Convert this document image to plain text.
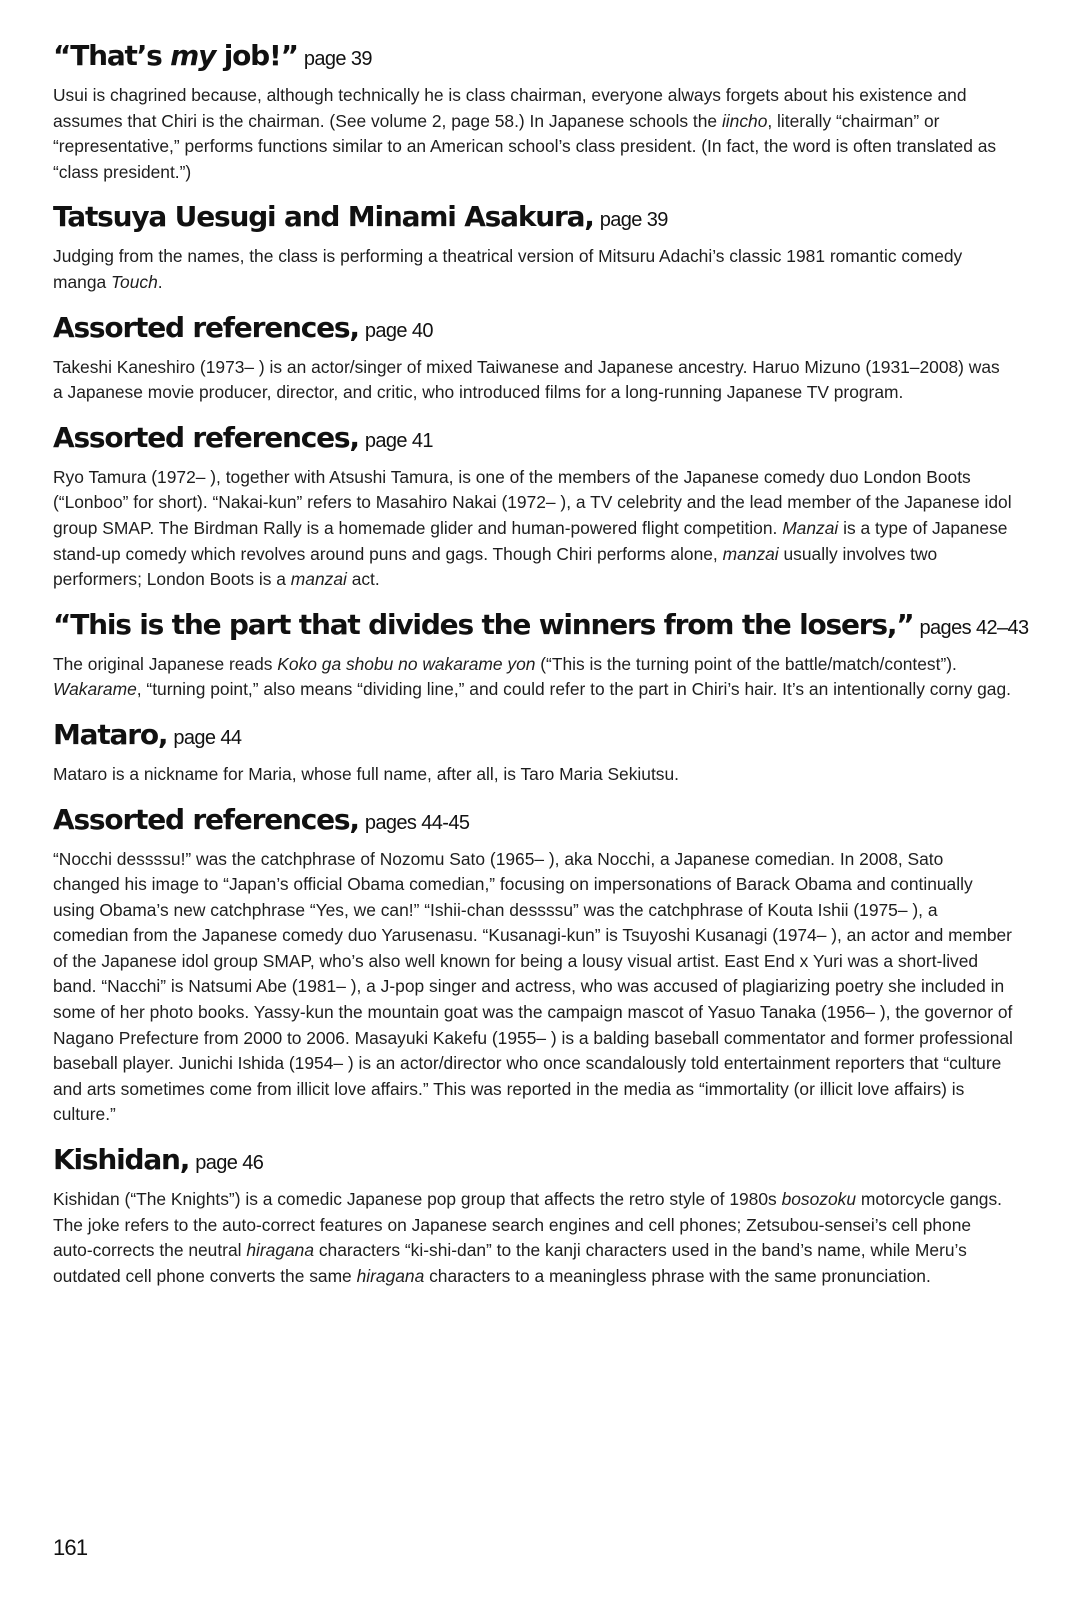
“That’s my job!” page 39

Usui is chagrined because, although technically he is class chairman, everyone always forgets about his existence and assumes that Chiri is the chairman. (See volume 2, page 58.) In Japanese schools the iincho, literally “chairman” or “representative,” performs functions similar to an American school’s class president. (In fact, the word is often translated as “class president.”)

Tatsuya Uesugi and Minami Asakura, page 39

Judging from the names, the class is performing a theatrical version of Mitsuru Adachi’s classic 1981 romantic comedy manga Touch.

Assorted references, page 40

Takeshi Kaneshiro (1973– ) is an actor/singer of mixed Taiwanese and Japanese ancestry. Haruo Mizuno (1931–2008) was a Japanese movie producer, director, and critic, who introduced films for a long-running Japanese TV program.

Assorted references, page 41

Ryo Tamura (1972– ), together with Atsushi Tamura, is one of the members of the Japanese comedy duo London Boots (“Lonboo” for short). “Nakai-kun” refers to Masahiro Nakai (1972– ), a TV celebrity and the lead member of the Japanese idol group SMAP. The Birdman Rally is a homemade glider and human-powered flight competition. Manzai is a type of Japanese stand-up comedy which revolves around puns and gags. Though Chiri performs alone, manzai usually involves two performers; London Boots is a manzai act.

“This is the part that divides the winners from the losers,” pages 42–43

The original Japanese reads Koko ga shobu no wakarame yon (“This is the turning point of the battle/match/contest”). Wakarame, “turning point,” also means “dividing line,” and could refer to the part in Chiri’s hair. It’s an intentionally corny gag.

Mataro, page 44

Mataro is a nickname for Maria, whose full name, after all, is Taro Maria Sekiutsu.

Assorted references, pages 44-45

“Nocchi dessssu!” was the catchphrase of Nozomu Sato (1965– ), aka Nocchi, a Japanese comedian. In 2008, Sato changed his image to “Japan’s official Obama comedian,” focusing on impersonations of Barack Obama and continually using Obama’s new catchphrase “Yes, we can!” “Ishii-chan dessssu” was the catchphrase of Kouta Ishii (1975– ), a comedian from the Japanese comedy duo Yarusenasu. “Kusanagi-kun” is Tsuyoshi Kusanagi (1974– ), an actor and member of the Japanese idol group SMAP, who’s also well known for being a lousy visual artist. East End x Yuri was a short-lived band. “Nacchi” is Natsumi Abe (1981– ), a J-pop singer and actress, who was accused of plagiarizing poetry she included in some of her photo books. Yassy-kun the mountain goat was the campaign mascot of Yasuo Tanaka (1956– ), the governor of Nagano Prefecture from 2000 to 2006. Masayuki Kakefu (1955– ) is a balding baseball commentator and former professional baseball player. Junichi Ishida (1954– ) is an actor/director who once scandalously told entertainment reporters that “culture and arts sometimes come from illicit love affairs.” This was reported in the media as “immortality (or illicit love affairs) is culture.”

Kishidan, page 46

Kishidan (“The Knights”) is a comedic Japanese pop group that affects the retro style of 1980s bosozoku motorcycle gangs. The joke refers to the auto-correct features on Japanese search engines and cell phones; Zetsubou-sensei’s cell phone auto-corrects the neutral hiragana characters “ki-shi-dan” to the kanji characters used in the band’s name, while Meru’s outdated cell phone converts the same hiragana characters to a meaningless phrase with the same pronunciation.

161
